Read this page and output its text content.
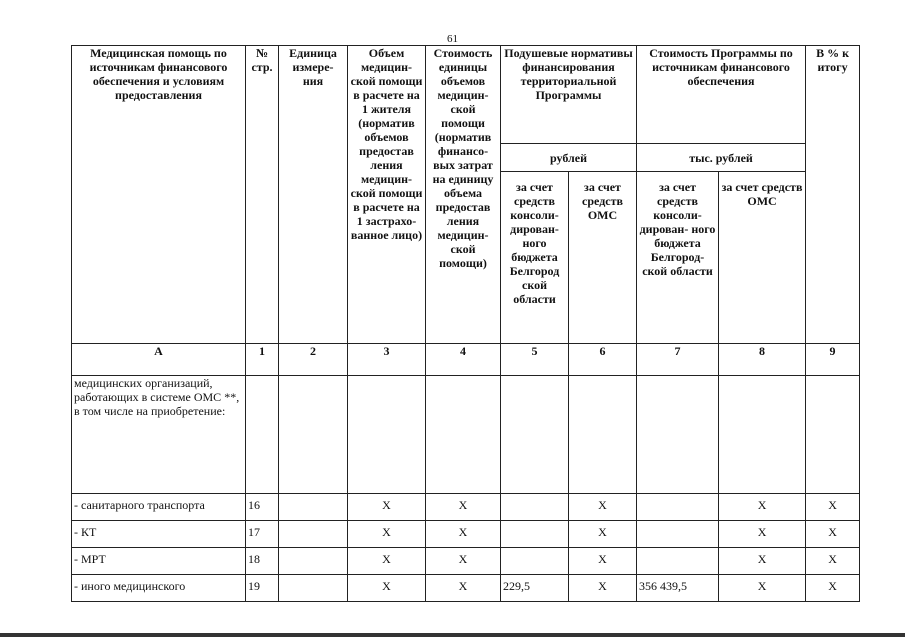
61
Медицинская помощь по источникам финансового обеспечения и условиям предоставления	№ стр.	Единица измере- ния	Объем медицин- ской помощи в расчете на 1 жителя (норматив объемов предостав ления медицин- ской помощи в расчете на 1 застрахо- ванное лицо)	Стоимость единицы объемов медицин- ской помощи (норматив финансо- вых затрат на единицу объема предостав ления медицин- ской помощи)	Подушевые нормативы финансирования территориальной Программы		Стоимость Программы по источникам финансового обеспечения		В % к итогу
					рублей		тыс. рублей		
					за счет средств консоли- дирован- ного бюджета Белгород ской области	за счет средств ОМС	за счет средств консоли- дирован- ного бюджета Белгород- ской области	за счет средств ОМС	
А	1	2	3	4	5	6	7	8	9
медицинских организаций, работающих в системе ОМС **, в том числе на приобретение:									
- санитарного транспорта	16		Х	Х		Х		Х	Х
- КТ	17		Х	Х		Х		Х	Х
- МРТ	18		Х	Х		Х		Х	Х
- иного медицинского	19		Х	Х	229,5	Х	356 439,5	Х	Х
